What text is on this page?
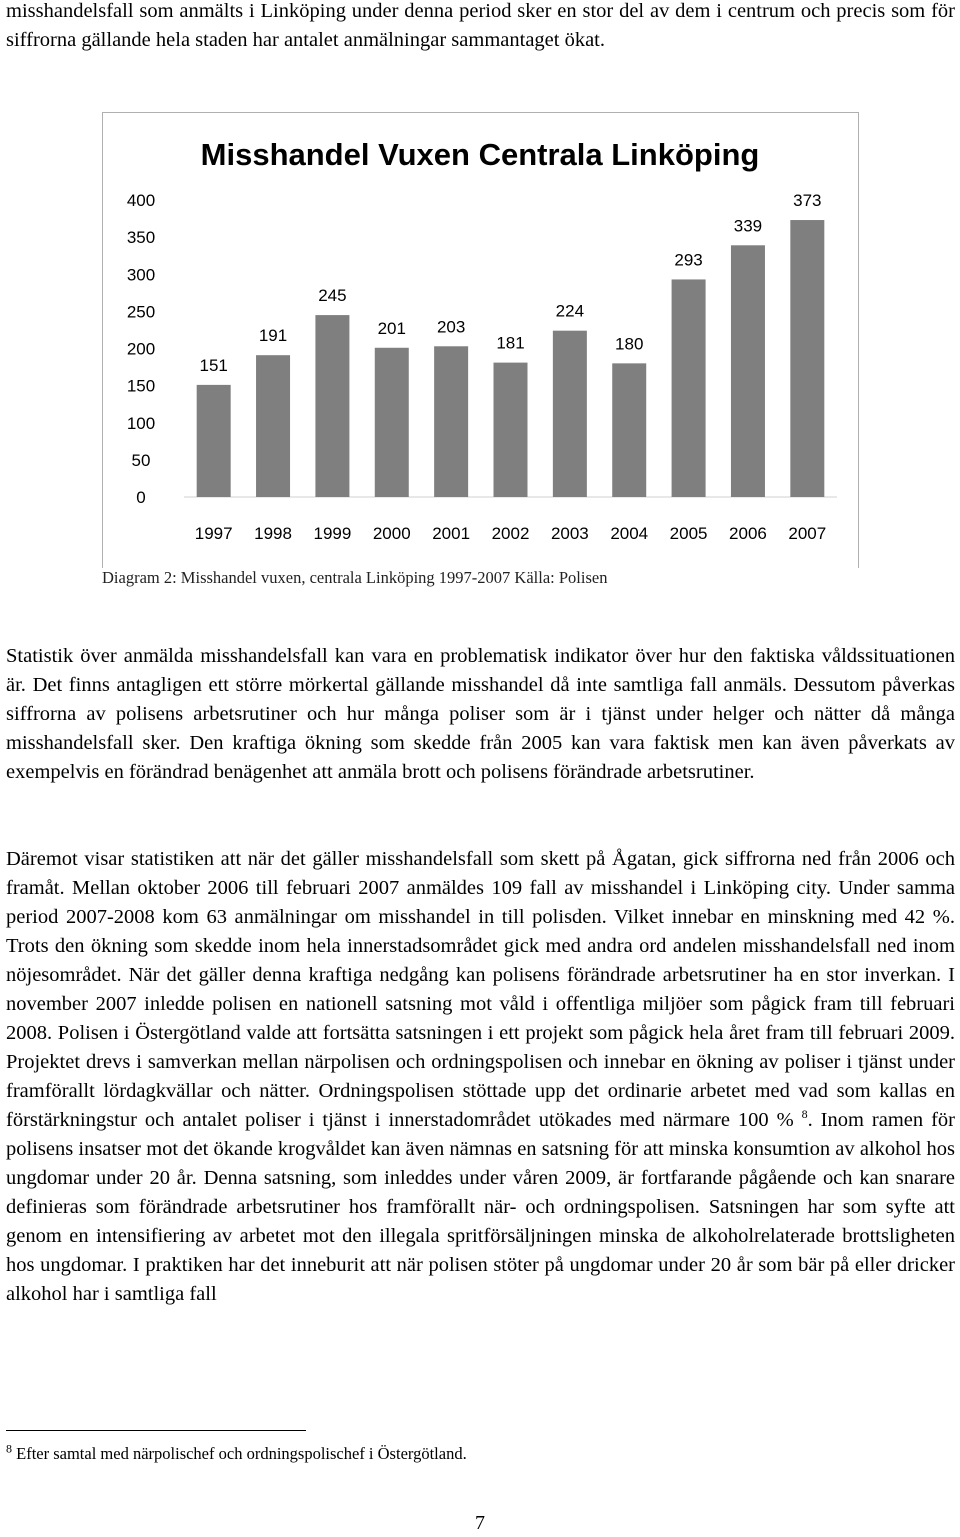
misshandelsfall som anmälts i Linköping under denna period sker en stor del av dem i centrum och precis som för siffrorna gällande hela staden har antalet anmälningar sammantaget ökat.

Misshandel Vuxen Centrala Linköping
0
50
100
150
200
250
300
350
400
151
191
245
201 203
181
224
180
293
339
373
1997 1998 1999 2000 2001 2002 2003 2004 2005 2006 2007
Diagram 2: Misshandel vuxen, centrala Linköping 1997-2007 Källa: Polisen

Statistik över anmälda misshandelsfall kan vara en problematisk indikator över hur den faktiska våldssituationen är. Det finns antagligen ett större mörkertal gällande misshandel då inte samtliga fall anmäls. Dessutom påverkas siffrorna av polisens arbetsrutiner och hur många poliser som är i tjänst under helger och nätter då många misshandelsfall sker. Den kraftiga ökning som skedde från 2005 kan vara faktisk men kan även påverkats av exempelvis en förändrad benägenhet att anmäla brott och polisens förändrade arbetsrutiner.

Däremot visar statistiken att när det gäller misshandelsfall som skett på Ågatan, gick siffrorna ned från 2006 och framåt. Mellan oktober 2006 till februari 2007 anmäldes 109 fall av misshandel i Linköping city. Under samma period 2007-2008 kom 63 anmälningar om misshandel in till polisden. Vilket innebar en minskning med 42 %. Trots den ökning som skedde inom hela innerstadsområdet gick med andra ord andelen misshandelsfall ned inom nöjesområdet. När det gäller denna kraftiga nedgång kan polisens förändrade arbetsrutiner ha en stor inverkan. I november 2007 inledde polisen en nationell satsning mot våld i offentliga miljöer som pågick fram till februari 2008. Polisen i Östergötland valde att fortsätta satsningen i ett projekt som pågick hela året fram till februari 2009. Projektet drevs i samverkan mellan närpolisen och ordningspolisen och innebar en ökning av poliser i tjänst under framförallt lördagkvällar och nätter. Ordningspolisen stöttade upp det ordinarie arbetet med vad som kallas en förstärkningstur och antalet poliser i tjänst i innerstadområdet utökades med närmare 100 % $^8$. Inom ramen för polisens insatser mot det ökande krogvåldet kan även nämnas en satsning för att minska konsumtion av alkohol hos ungdomar under 20 år. Denna satsning, som inleddes under våren 2009, är fortfarande pågående och kan snarare definieras som förändrade arbetsrutiner hos framförallt när- och ordningspolisen. Satsningen har som syfte att genom en intensifiering av arbetet mot den illegala spritförsäljningen minska de alkoholrelaterade brottsligheten hos ungdomar. I praktiken har det inneburit att när polisen stöter på ungdomar under 20 år som bär på eller dricker alkohol har i samtliga fall

$^8$ Efter samtal med närpolischef och ordningspolischef i Östergötland.
7
